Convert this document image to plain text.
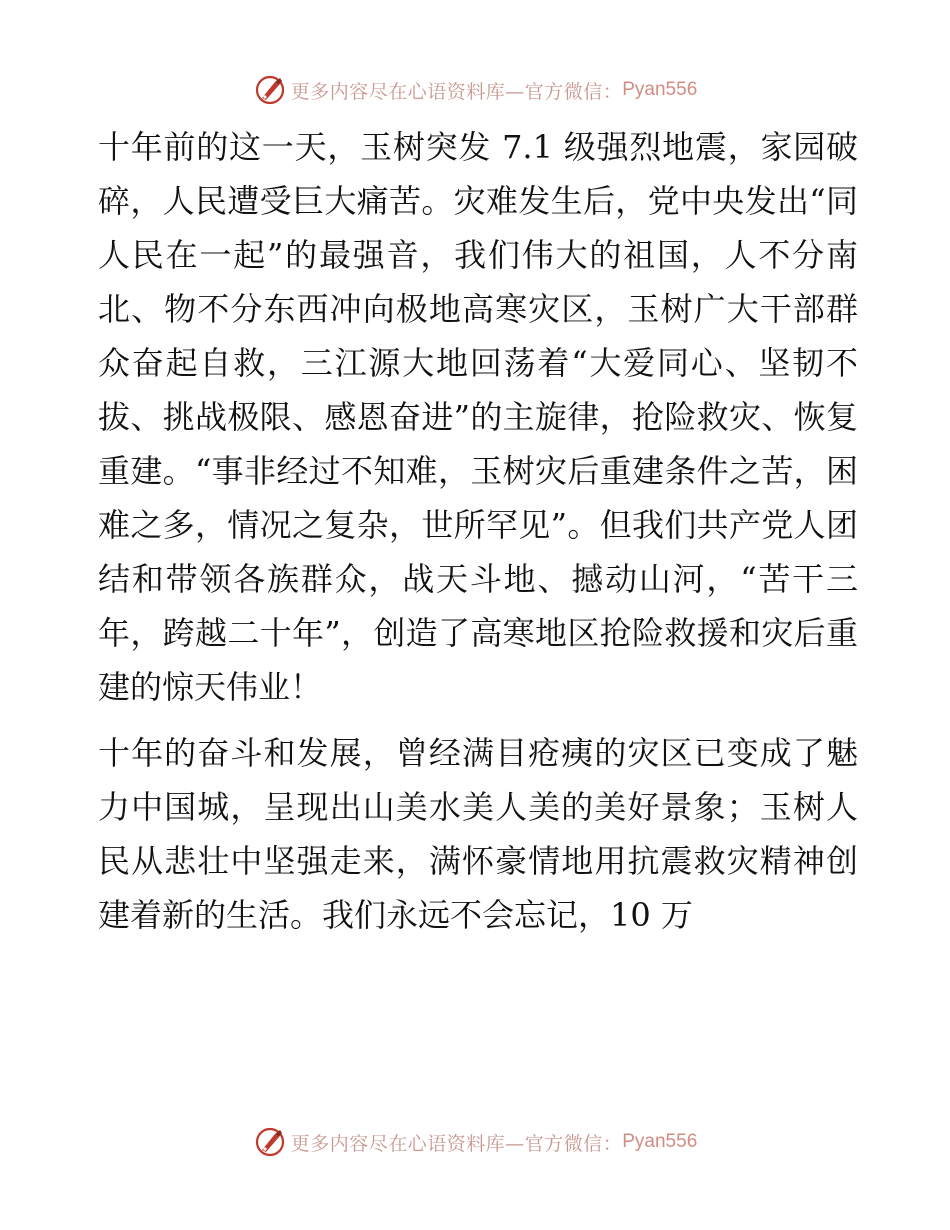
更多内容尽在心语资料库—官方微信： Pyan556

十年前的这一天，玉树突发 7.1 级强烈地震，家园破碎，人民遭受巨大痛苦。灾难发生后，党中央发出“同人民在一起”的最强音，我们伟大的祖国，人不分南北、物不分东西冲向极地高寒灾区，玉树广大干部群众奋起自救，三江源大地回荡着“大爱同心、坚韧不拔、挑战极限、感恩奋进”的主旋律，抢险救灾、恢复重建。“事非经过不知难，玉树灾后重建条件之苦，困难之多，情况之复杂，世所罕见”。但我们共产党人团结和带领各族群众，战天斗地、撼动山河，“苦干三年，跨越二十年”，创造了高寒地区抢险救援和灾后重建的惊天伟业！

十年的奋斗和发展，曾经满目疮痍的灾区已变成了魅力中国城，呈现出山美水美人美的美好景象；玉树人民从悲壮中坚强走来，满怀豪情地用抗震救灾精神创建着新的生活。我们永远不会忘记，10 万

更多内容尽在心语资料库—官方微信： Pyan556
